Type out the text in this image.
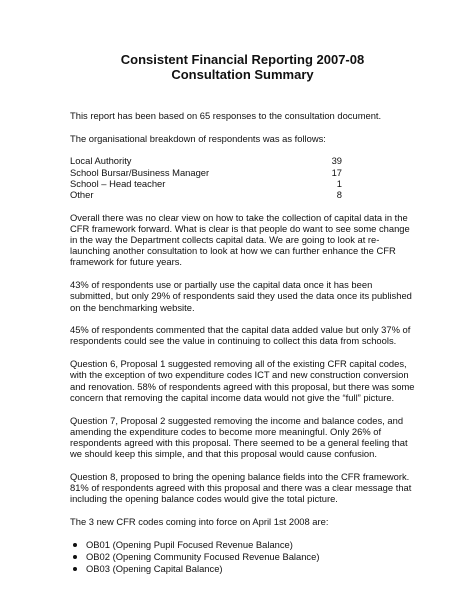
Consistent Financial Reporting 2007-08
Consultation Summary

This report has been based on 65 responses to the consultation document.

The organisational breakdown of respondents was as follows:

Local Authority	39
School Bursar/Business Manager	17
School – Head teacher	1
Other	8

Overall there was no clear view on how to take the collection of capital data in the CFR framework forward. What is clear is that people do want to see some change in the way the Department collects capital data. We are going to look at re-launching another consultation to look at how we can further enhance the CFR framework for future years.

43% of respondents use or partially use the capital data once it has been submitted, but only 29% of respondents said they used the data once its published on the benchmarking website.

45% of respondents commented that the capital data added value but only 37% of respondents could see the value in continuing to collect this data from schools.

Question 6, Proposal 1 suggested removing all of the existing CFR capital codes, with the exception of two expenditure codes ICT and new construction conversion and renovation. 58% of respondents agreed with this proposal, but there was some concern that removing the capital income data would not give the “full” picture.

Question 7, Proposal 2 suggested removing the income and balance codes, and amending the expenditure codes to become more meaningful. Only 26% of respondents agreed with this proposal. There seemed to be a general feeling that we should keep this simple, and that this proposal would cause confusion.

Question 8, proposed to bring the opening balance fields into the CFR framework. 81% of respondents agreed with this proposal and there was a clear message that including the opening balance codes would give the total picture.

The 3 new CFR codes coming into force on April 1st 2008 are:

OB01 (Opening Pupil Focused Revenue Balance)
OB02 (Opening Community Focused Revenue Balance)
OB03 (Opening Capital Balance)
